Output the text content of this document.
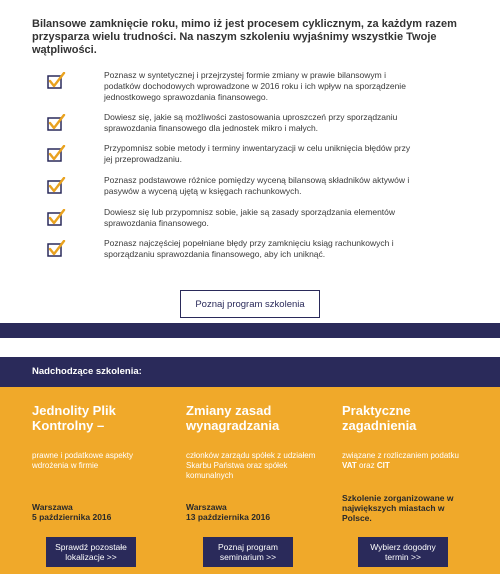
Bilansowe zamknięcie roku, mimo iż jest procesem cyklicznym, za każdym razem przysparza wielu trudności. Na naszym szkoleniu wyjaśnimy wszystkie Twoje wątpliwości.
Poznasz w syntetycznej i przejrzystej formie zmiany w prawie bilansowym i podatków dochodowych wprowadzone w 2016 roku i ich wpływ na sporządzenie jednostkowego sprawozdania finansowego.
Dowiesz się, jakie są możliwości zastosowania uproszczeń przy sporządzaniu sprawozdania finansowego dla jednostek mikro i małych.
Przypomnisz sobie metody i terminy inwentaryzacji w celu uniknięcia błędów przy jej przeprowadzaniu.
Poznasz podstawowe różnice pomiędzy wyceną bilansową składników aktywów i pasywów a wyceną ujętą w księgach rachunkowych.
Dowiesz się lub przypomnisz sobie, jakie są zasady sporządzania elementów sprawozdania finansowego.
Poznasz najczęściej popełniane błędy przy zamknięciu ksiąg rachunkowych i sporządzaniu sprawozdania finansowego, aby ich uniknąć.
Poznaj program szkolenia
Nadchodzące szkolenia:
Jednolity Plik Kontrolny –
prawne i podatkowe aspekty wdrożenia w firmie
Warszawa
5 października 2016
Sprawdź pozostałe lokalizacje >>
Zmiany zasad wynagradzania
członków zarządu spółek z udziałem Skarbu Państwa oraz spółek komunalnych
Warszawa
13 października 2016
Poznaj program seminarium >>
Praktyczne zagadnienia
związane z rozliczaniem podatku VAT oraz CIT
Szkolenie zorganizowane w największych miastach w Polsce.
Wybierz dogodny termin >>
